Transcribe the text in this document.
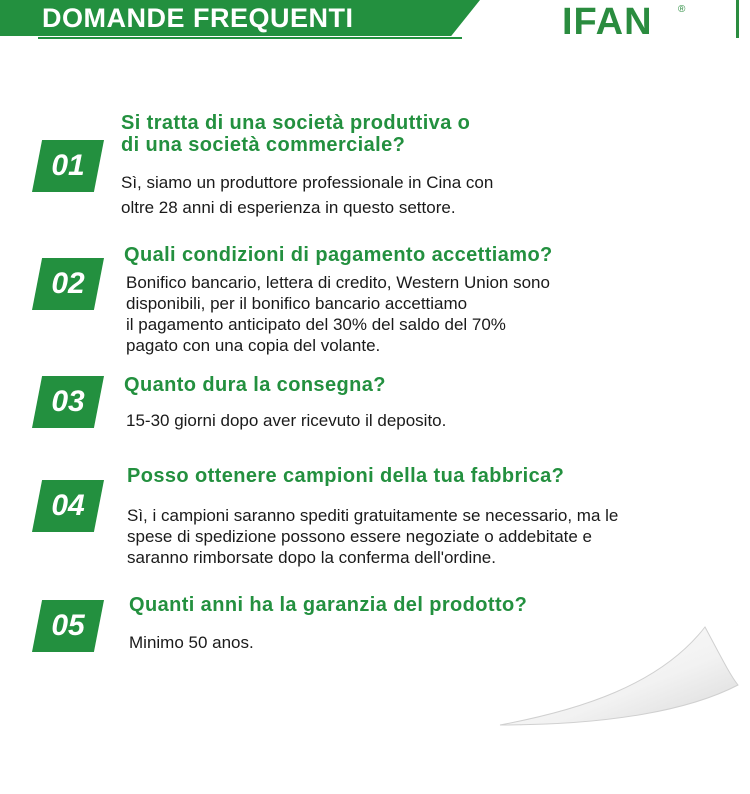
DOMANDE FREQUENTI	IFAN	®
01
Si tratta di una società produttiva o
di una società commerciale?
Sì, siamo un produttore professionale in Cina con
oltre 28 anni di esperienza in questo settore.
02
Quali condizioni di pagamento accettiamo?
Bonifico bancario, lettera di credito, Western Union sono
disponibili, per il bonifico bancario accettiamo
il pagamento anticipato del 30% del saldo del 70%
pagato con una copia del volante.
03	Quanto dura la consegna?
15-30 giorni dopo aver ricevuto il deposito.
04
Posso ottenere campioni della tua fabbrica?
Sì, i campioni saranno spediti gratuitamente se necessario, ma le
spese di spedizione possono essere negoziate o addebitate e
saranno rimborsate dopo la conferma dell'ordine.
05
Quanti anni ha la garanzia del prodotto?
Minimo 50 anos.
